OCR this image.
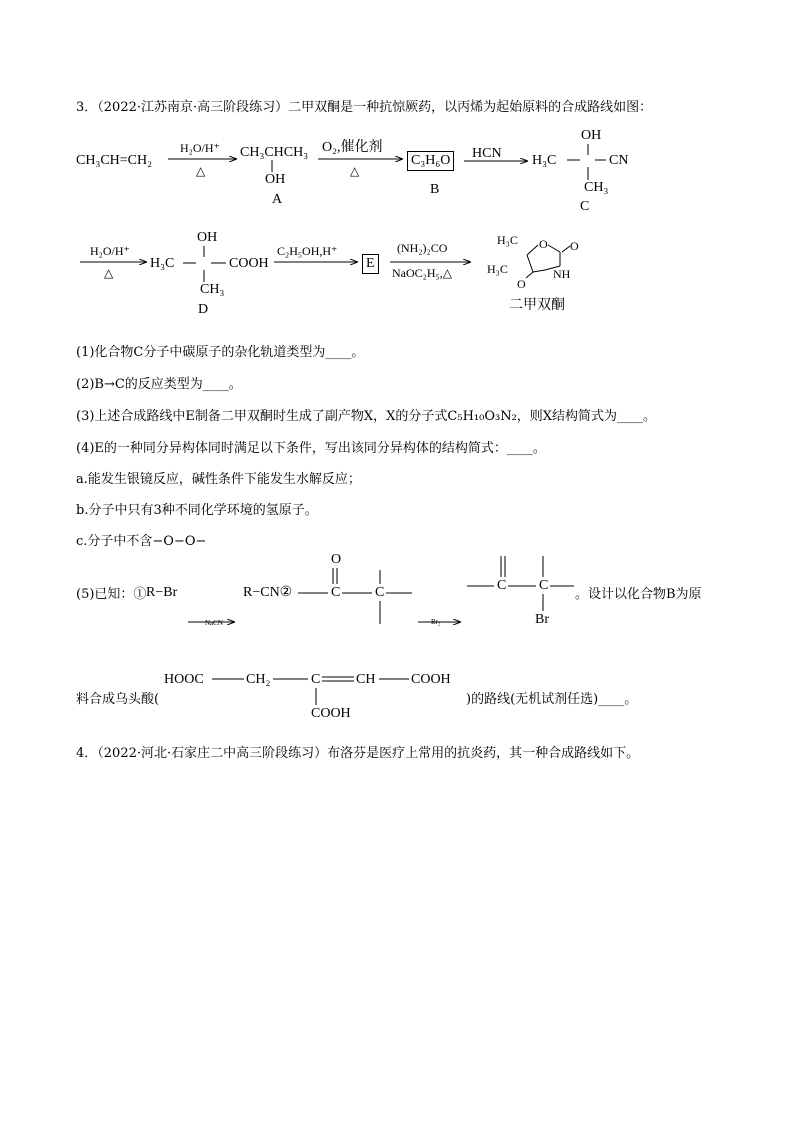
3．（2022·江苏南京·高三阶段练习）二甲双酮是一种抗惊厥药，以丙烯为起始原料的合成路线如图：
CH₃CH=CH₂
H₂O/H⁺
△
CH₃CHCH₃
OH
A
O₂,催化剂
△
C₃H₆O
B
HCN
OH
H₃C	CN
CH₃
C
H₂O/H⁺
△
OH
H₃C	COOH
CH₃
D
C₂H₅OH,H⁺
E
(NH₂)₂CO
NaOC₂H₅,△
H₃C
H₃C
O O
NH
O
二甲双酮
(1)化合物C分子中碳原子的杂化轨道类型为____。
(2)B→C的反应类型为____。
(3)上述合成路线中E制备二甲双酮时生成了副产物X，X的分子式C₅H₁₀O₃N₂，则X结构简式为____。
(4)E的一种同分异构体同时满足以下条件，写出该同分异构体的结构简式：____。
a.能发生银镜反应，碱性条件下能发生水解反应；
b.分子中只有3种不同化学环境的氢原子。
c.分子中不含−O−O−
(5)已知：① R−Br
NaCN
R−CN②
O
C C
Br₂
C C
Br
。设计以化合物B为原
料合成乌头酸(
HOOC	CH₂	C	CH	COOH
COOH
)的路线(无机试剂任选)____。
4．（2022·河北·石家庄二中高三阶段练习）布洛芬是医疗上常用的抗炎药，其一种合成路线如下。
